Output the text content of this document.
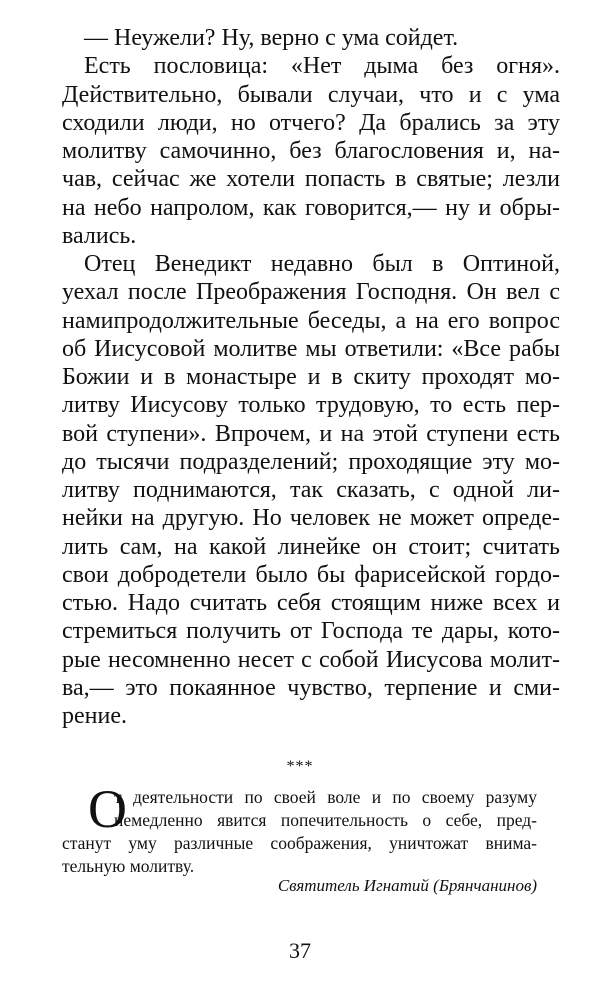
— Неужели? Ну, верно с ума сойдет.
Есть пословица: «Нет дыма без огня».
Действительно, бывали случаи, что и с ума
сходили люди, но отчего? Да брались за эту
молитву самочинно, без благословения и, на-
чав, сейчас же хотели попасть в святые; лезли
на небо напролом, как говорится,— ну и обры-
вались.
Отец Венедикт недавно был в Оптиной,
уехал после Преображения Господня. Он вел с
намипродолжительные беседы, а на его вопрос
об Иисусовой молитве мы ответили: «Все рабы
Божии и в монастыре и в скиту проходят мо-
литву Иисусову только трудовую, то есть пер-
вой ступени». Впрочем, и на этой ступени есть
до тысячи подразделений; проходящие эту мо-
литву поднимаются, так сказать, с одной ли-
нейки на другую. Но человек не может опреде-
лить сам, на какой линейке он стоит; считать
свои добродетели было бы фарисейской гордо-
стью. Надо считать себя стоящим ниже всех и
стремиться получить от Господа те дары, кото-
рые несомненно несет с собой Иисусова молит-
ва,— это покаянное чувство, терпение и сми-
рение.
***
О
т деятельности по своей воле и по своему разуму
немедленно явится попечительность о себе, пред-
станут уму различные соображения, уничтожат внима-
тельную молитву.
Святитель Игнатий (Брянчанинов)
37
